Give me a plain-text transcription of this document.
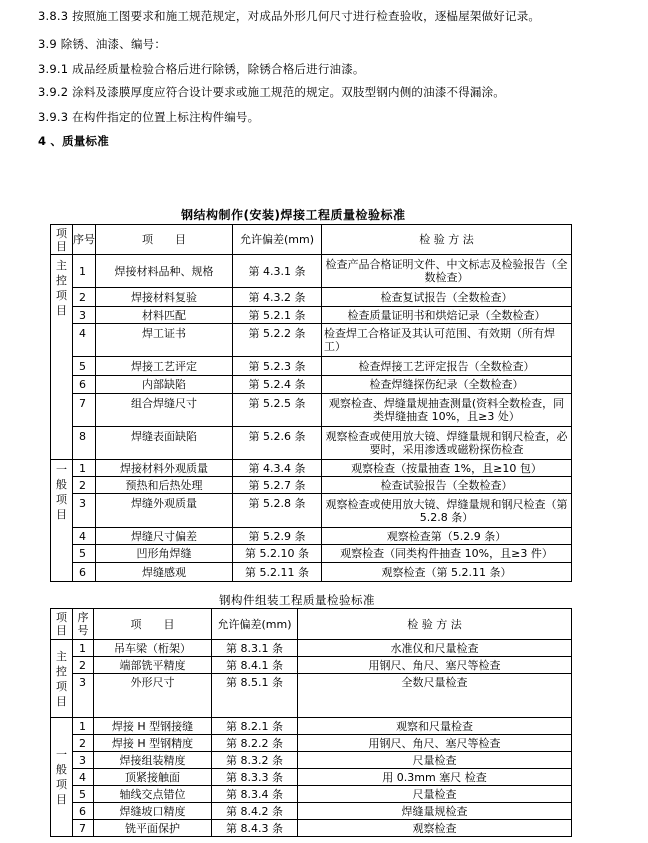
3.8.3 按照施工图要求和施工规范规定，对成品外形几何尺寸进行检查验收，逐榀屋架做好记录。
3.9 除锈、油漆、编号：
3.9.1 成品经质量检验合格后进行除锈，除锈合格后进行油漆。
3.9.2 涂料及漆膜厚度应符合设计要求或施工规范的规定。双肢型钢内侧的油漆不得漏涂。
3.9.3 在构件指定的位置上标注构件编号。
4 、质量标准
钢结构制作(安装)焊接工程质量检验标准
项目	序号	项　　目	允许偏差(mm)	检 验 方 法
主控项目	1	焊接材料品种、规格	第 4.3.1 条	检查产品合格证明文件、中文标志及检验报告（全数检查）
	2	焊接材料复验	第 4.3.2 条	检查复试报告（全数检查）
	3	材料匹配	第 5.2.1 条	检查质量证明书和烘焙记录（全数检查）
	4	焊工证书	第 5.2.2 条	检查焊工合格证及其认可范围、有效期（所有焊工）
	5	焊接工艺评定	第 5.2.3 条	检查焊接工艺评定报告（全数检查）
	6	内部缺陷	第 5.2.4 条	检查焊缝探伤纪录（全数检查）
	7	组合焊缝尺寸	第 5.2.5 条	观察检查、焊缝量规抽查测量(资料全数检查，同类焊缝抽查 10%，且≥3 处）
	8	焊缝表面缺陷	第 5.2.6 条	观察检查或使用放大镜、焊缝量规和钢尺检查，必要时，采用渗透或磁粉探伤检查
一般项目	1	焊接材料外观质量	第 4.3.4 条	观察检查（按量抽查 1%，且≥10 包）
	2	预热和后热处理	第 5.2.7 条	检查试验报告（全数检查）
	3	焊缝外观质量	第 5.2.8 条	观察检查或使用放大镜、焊缝量规和钢尺检查（第 5.2.8 条）
	4	焊缝尺寸偏差	第 5.2.9 条	观察检查第（5.2.9 条）
	5	凹形角焊缝	第 5.2.10 条	观察检查（同类构件抽查 10%，且≥3 件）
	6	焊缝感观	第 5.2.11 条	观察检查（第 5.2.11 条）
钢构件组装工程质量检验标准
项目	序号	项　　目	允许偏差(mm)	检 验 方 法
主控项目	1	吊车梁（桁架）	第 8.3.1 条	水准仪和尺量检查
	2	端部铣平精度	第 8.4.1 条	用钢尺、角尺、塞尺等检查
	3	外形尺寸	第 8.5.1 条	全数尺量检查
一般项目	1	焊接 H 型钢接缝	第 8.2.1 条	观察和尺量检查
	2	焊接 H 型钢精度	第 8.2.2 条	用钢尺、角尺、塞尺等检查
	3	焊接组装精度	第 8.3.2 条	尺量检查
	4	顶紧接触面	第 8.3.3 条	用 0.3mm 塞尺 检查
	5	轴线交点错位	第 8.3.4 条	尺量检查
	6	焊缝坡口精度	第 8.4.2 条	焊缝量规检查
	7	铣平面保护	第 8.4.3 条	观察检查
